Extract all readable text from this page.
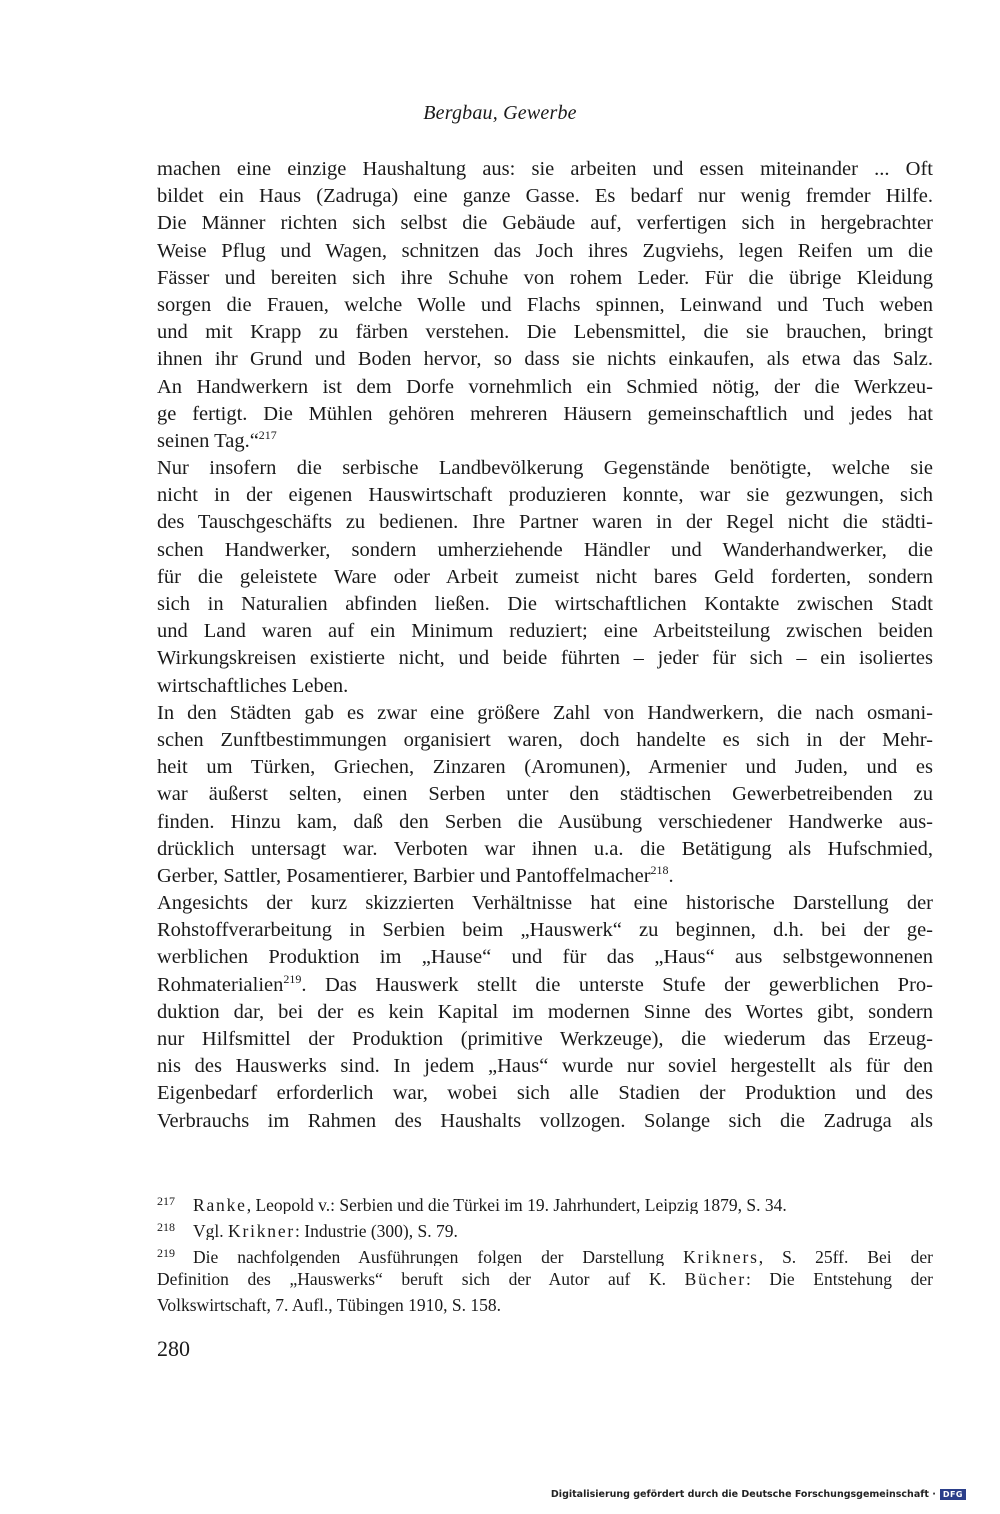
Bergbau, Gewerbe
machen eine einzige Haushaltung aus: sie arbeiten und essen miteinander ... Oft
bildet ein Haus (Zadruga) eine ganze Gasse. Es bedarf nur wenig fremder Hilfe.
Die Männer richten sich selbst die Gebäude auf, verfertigen sich in hergebrachter
Weise Pflug und Wagen, schnitzen das Joch ihres Zugviehs, legen Reifen um die
Fässer und bereiten sich ihre Schuhe von rohem Leder. Für die übrige Kleidung
sorgen die Frauen, welche Wolle und Flachs spinnen, Leinwand und Tuch weben
und mit Krapp zu färben verstehen. Die Lebensmittel, die sie brauchen, bringt
ihnen ihr Grund und Boden hervor, so dass sie nichts einkaufen, als etwa das Salz.
An Handwerkern ist dem Dorfe vornehmlich ein Schmied nötig, der die Werkzeu-
ge fertigt. Die Mühlen gehören mehreren Häusern gemeinschaftlich und jedes hat
seinen Tag.“$^{217}$
Nur insofern die serbische Landbevölkerung Gegenstände benötigte, welche sie
nicht in der eigenen Hauswirtschaft produzieren konnte, war sie gezwungen, sich
des Tauschgeschäfts zu bedienen. Ihre Partner waren in der Regel nicht die städti-
schen Handwerker, sondern umherziehende Händler und Wanderhandwerker, die
für die geleistete Ware oder Arbeit zumeist nicht bares Geld forderten, sondern
sich in Naturalien abfinden ließen. Die wirtschaftlichen Kontakte zwischen Stadt
und Land waren auf ein Minimum reduziert; eine Arbeitsteilung zwischen beiden
Wirkungskreisen existierte nicht, und beide führten – jeder für sich – ein isoliertes
wirtschaftliches Leben.
In den Städten gab es zwar eine größere Zahl von Handwerkern, die nach osmani-
schen Zunftbestimmungen organisiert waren, doch handelte es sich in der Mehr-
heit um Türken, Griechen, Zinzaren (Aromunen), Armenier und Juden, und es
war äußerst selten, einen Serben unter den städtischen Gewerbetreibenden zu
finden. Hinzu kam, daß den Serben die Ausübung verschiedener Handwerke aus-
drücklich untersagt war. Verboten war ihnen u.a. die Betätigung als Hufschmied,
Gerber, Sattler, Posamentierer, Barbier und Pantoffelmacher$^{218}$.
Angesichts der kurz skizzierten Verhältnisse hat eine historische Darstellung der
Rohstoffverarbeitung in Serbien beim „Hauswerk“ zu beginnen, d.h. bei der ge-
werblichen Produktion im „Hause“ und für das „Haus“ aus selbstgewonnenen
Rohmaterialien$^{219}$. Das Hauswerk stellt die unterste Stufe der gewerblichen Pro-
duktion dar, bei der es kein Kapital im modernen Sinne des Wortes gibt, sondern
nur Hilfsmittel der Produktion (primitive Werkzeuge), die wiederum das Erzeug-
nis des Hauswerks sind. In jedem „Haus“ wurde nur soviel hergestellt als für den
Eigenbedarf erforderlich war, wobei sich alle Stadien der Produktion und des
Verbrauchs im Rahmen des Haushalts vollzogen. Solange sich die Zadruga als
$^{217}$ Ranke, Leopold v.: Serbien und die Türkei im 19. Jahrhundert, Leipzig 1879, S. 34.
$^{218}$ Vgl. Krikner: Industrie (300), S. 79.
$^{219}$ Die nachfolgenden Ausführungen folgen der Darstellung Krikners, S. 25ff. Bei der
Definition des „Hauswerks“ beruft sich der Autor auf K. Bücher: Die Entstehung der
Volkswirtschaft, 7. Aufl., Tübingen 1910, S. 158.
280
Digitalisierung gefördert durch die Deutsche Forschungsgemeinschaft · DFG
